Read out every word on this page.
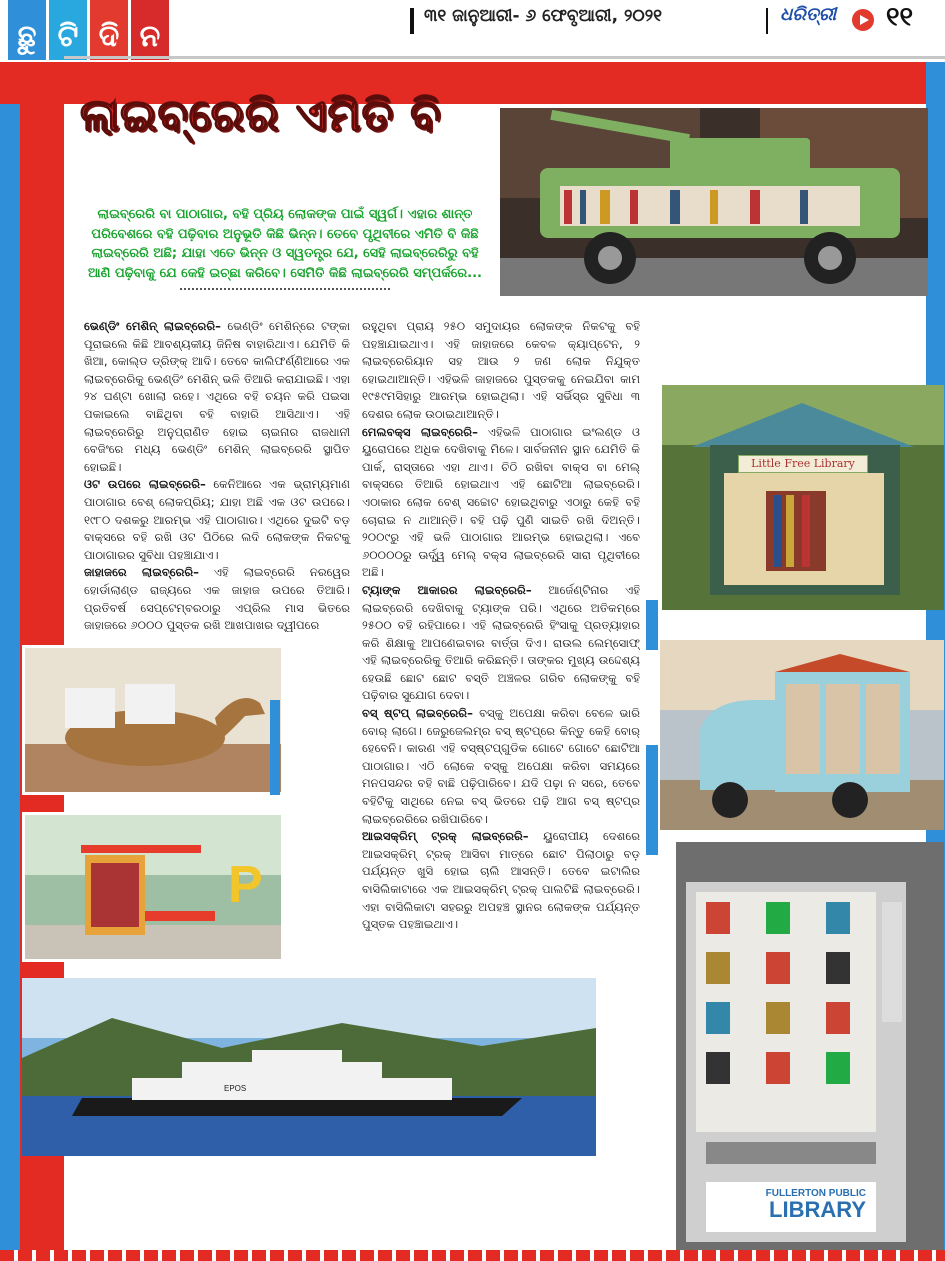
ଛୁ ଟି ଦି ନ
୩୧ ଜାନୁଆରୀ- ୬ ଫେବୃଆରୀ, ୨୦୨୧	ଧରିତ୍ରୀ ୧୧
ଲାଇବ୍ରେରି ଏମିତି ବି
ଲାଇବ୍ରେରି ବା ପାଠାଗାର, ବହି ପ୍ରିୟ ଲୋକଙ୍କ ପାଇଁ ସ୍ୱର୍ଗ। ଏହାର ଶାନ୍ତ ପରିବେଶରେ ବହି ପଢ଼ିବାର ଅନୁଭୂତି କିଛି ଭିନ୍ନ। ତେବେ ପୃଥିବୀରେ ଏମିତି ବି କିଛି ଲାଇବ୍ରେରି ଅଛି; ଯାହା ଏତେ ଭିନ୍ନ ଓ ସ୍ୱତନ୍ତ୍ର ଯେ, ସେହି ଲାଇବ୍ରେରିରୁ ବହି ଆଣି ପଢ଼ିବାକୁ ଯେ କେହି ଇଚ୍ଛା କରିବେ। ସେମିତି କିଛି ଲାଇବ୍ରେରି ସମ୍ପର୍କରେ...

ଭେଣ୍ଡିଂ ମେଶିନ୍ ଲାଇବ୍ରେରି– ଭେଣ୍ଡିଂ ମେଶିନ୍‌ରେ ଟଙ୍କା ପୂରାଇଲେ କିଛି ଆବଶ୍ୟକୀୟ ଜିନିଷ ବାହାରିଥାଏ। ଯେମିତି କି ଖିଆ, କୋଲ୍ଡ ଡ୍ରିଙ୍କ୍ ଆଦି। ତେବେ କାଲିଫର୍ଣ୍ଣିଆରେ ଏକ ଲାଇବ୍ରେରିକୁ ଭେଣ୍ଡିଂ ମେଶିନ୍ ଭଳି ତିଆରି କରାଯାଇଛି। ଏହା ୨୪ ଘଣ୍ଟା ଖୋଲା ରହେ। ଏଥିରେ ବହି ଚୟନ କରି ପଇସା ପକାଇଲେ ବାଛିଥିବା ବହି ବାହାରି ଆସିଥାଏ। ଏହି ଲାଇବ୍ରେରିରୁ ଅନୁପ୍ରାଣିତ ହୋଇ ଚାଇନାର ରାଜଧାନୀ ବେଜିଂରେ ମଧ୍ୟ ଭେଣ୍ଡିଂ ମେଶିନ୍ ଲାଇବ୍ରେରି ସ୍ଥାପିତ ହୋଇଛି।

ଓଟ ଉପରେ ଲାଇବ୍ରେରି– କେନିଆରେ ଏକ ଭ୍ରାମ୍ୟମାଣ ପାଠାଗାର ବେଶ୍ ଲୋକପ୍ରିୟ; ଯାହା ଅଛି ଏକ ଓଟ ଉପରେ। ୧୯୮୦ ଦଶକରୁ ଆରମ୍ଭ ଏହି ପାଠାଗାର। ଏଥିରେ ଦୁଇଟି ବଡ଼ ବାକ୍ସରେ ବହି ରଖି ଓଟ ପିଠିରେ ଲଦି ଲୋକଙ୍କ ନିକଟକୁ ପାଠାଗାରର ସୁବିଧା ପହଞ୍ଚାଯାଏ।

ଜାହାଜରେ ଲାଇବ୍ରେରି– ଏହି ଲାଇବ୍ରେରି ନରୱେର ହୋର୍ଡାଲାଣ୍ଡ ରାଜ୍ୟରେ ଏକ ଜାହାଜ ଉପରେ ତିଆରି। ପ୍ରତିବର୍ଷ ସେପ୍ଟେମ୍ବରଠାରୁ ଏପ୍ରିଲ ମାସ ଭିତରେ ଜାହାଜରେ ୬୦୦୦ ପୁସ୍ତକ ରଖି ଆଖପାଖର ଦ୍ୱୀପରେ

ରହୁଥିବା ପ୍ରାୟ ୨୫୦ ସମୁଦାୟର ଲୋକଙ୍କ ନିକଟକୁ ବହି ପହଞ୍ଚାଯାଇଥାଏ। ଏହି ଜାହାଜରେ କେବଳ କ୍ୟାପ୍ଟେନ, ୨ ଲାଇବ୍ରେରିୟାନ ସହ ଆଉ ୨ ଜଣ ଲୋକ ନିଯୁକ୍ତ ହୋଇଥାଆନ୍ତି। ଏହିଭଳି ଜାହାଜରେ ପୁସ୍ତକକୁ ନେଇଯିବା କାମ ୧୯୫୯ମସିହାରୁ ଆରମ୍ଭ ହୋଇଥିଲା। ଏହି ସର୍ଭିସ୍‌ର ସୁବିଧା ୩ ଦେଶର ଲୋକ ଉଠାଇଥାଆନ୍ତି।

ମେଲବକ୍ସ ଲାଇବ୍ରେରି– ଏହିଭଳି ପାଠାଗାର ଇଂଲଣ୍ଡ ଓ ୟୁରୋପରେ ଅଧିକ ଦେଖିବାକୁ ମିଳେ। ସାର୍ବଜନୀନ ସ୍ଥାନ ଯେମିତି କି ପାର୍କ, ରାସ୍ତାରେ ଏହା ଥାଏ। ଚିଠି ରଖିବା ବାକ୍ସ ବା ମେଲ୍ ବାକ୍ସରେ ତିଆରି ହୋଇଥାଏ ଏହି ଛୋଟିଆ ଲାଇବ୍ରେରି। ଏଠାକାର ଲୋକ ବେଶ୍ ସଚ୍ଚୋଟ ହୋଇଥିବାରୁ ଏଠାରୁ କେହି ବହି ଚୋରାଇ ନ ଥାଆନ୍ତି। ବହି ପଢ଼ି ପୁଣି ସାଇତି ରଖି ଦିଅନ୍ତି। ୨୦୦୯ରୁ ଏହି ଭଳି ପାଠାଗାର ଆରମ୍ଭ ହୋଇଥିଲା। ଏବେ ୬୦୦୦୦ରୁ ଊର୍ଦ୍ଧ୍ୱ ମେଲ୍ ବକ୍ସ ଲାଇବ୍ରେରି ସାରା ପୃଥିବୀରେ ଅଛି।

ଟ୍ୟାଙ୍କ ଆକାରର ଲାଇବ୍ରେରି– ଆର୍ଜେଣ୍ଟିନାର ଏହି ଲାଇବ୍ରେରି ଦେଖିବାକୁ ଟ୍ୟାଙ୍କ ପରି। ଏଥିରେ ଅତିକମ୍‌ରେ ୨୫୦୦ ବହି ରହିପାରେ। ଏହି ଲାଇବ୍ରେରି ହିଂସାକୁ ପ୍ରତ୍ୟାହାର କରି ଶିକ୍ଷାକୁ ଆପଣେଇବାର ବାର୍ତ୍ତା ଦିଏ। ରାଉଲ ଲେମ୍ସୋଫ୍ ଏହି ଲାଇବ୍ରେରିକୁ ତିଆରି କରିଛନ୍ତି। ତାଙ୍କର ମୁଖ୍ୟ ଉଦ୍ଦେଶ୍ୟ ହେଉଛି ଛୋଟ ଛୋଟ ବସ୍ତି ଅଞ୍ଚଳର ଗରିବ ଲୋକଙ୍କୁ ବହି ପଢ଼ିବାର ସୁଯୋଗ ଦେବା।

ବସ୍ ଷ୍ଟପ୍ ଲାଇବ୍ରେରି– ବସ୍‌କୁ ଅପେକ୍ଷା କରିବା ବେଳେ ଭାରି ବୋର୍ ଲାଗେ। ଜେରୁଜେଲମ୍‌ର ବସ୍ ଷ୍ଟପ୍‌ରେ କିନ୍ତୁ କେହି ବୋର୍ ହେବେନି। କାରଣ ଏହି ବସ୍‌ଷ୍ଟପ୍‌ଗୁଡିକ ଗୋଟେ ଗୋଟେ ଛୋଟିଆ ପାଠାଗାର। ଏଠି ଲୋକେ ବସ୍‌କୁ ଅପେକ୍ଷା କରିବା ସମୟରେ ମନପସନ୍ଦର ବହି ବାଛି ପଢ଼ିପାରିବେ। ଯଦି ପଢ଼ା ନ ସରେ, ତେବେ ବହିଟିକୁ ସାଥିରେ ନେଇ ବସ୍ ଭିତରେ ପଢ଼ି ଆଗ ବସ୍ ଷ୍ଟପ୍‌ର ଲାଇବ୍ରେରିରେ ରଖିପାରିବେ।

ଆଇସକ୍ରିମ୍ ଟ୍ରକ୍ ଲାଇବ୍ରେରି– ୟୁରୋପୀୟ ଦେଶରେ ଆଇସକ୍ରିମ୍ ଟ୍ରକ୍ ଆସିବା ମାତ୍ରେ ଛୋଟ ପିଲାଠାରୁ ବଡ଼ ପର୍ଯ୍ୟନ୍ତ ଖୁସି ହୋଇ ଚାଲି ଆସନ୍ତି। ତେବେ ଇଟାଲିର ବାସିଲିକାଟାରେ ଏକ ଆଇସକ୍ରିମ୍ ଟ୍ରକ୍ ପାଲଟିଛି ଲାଇବ୍ରେରି। ଏହା ବାସିଲିକାଟା ସହରରୁ ଅପହଞ୍ଚ ସ୍ଥାନର ଲୋକଙ୍କ ପର୍ଯ୍ୟନ୍ତ ପୁସ୍ତକ ପହଞ୍ଚାଇଥାଏ।

Little Free Library
FULLERTON PUBLIC
LIBRARY
P
EPOS
